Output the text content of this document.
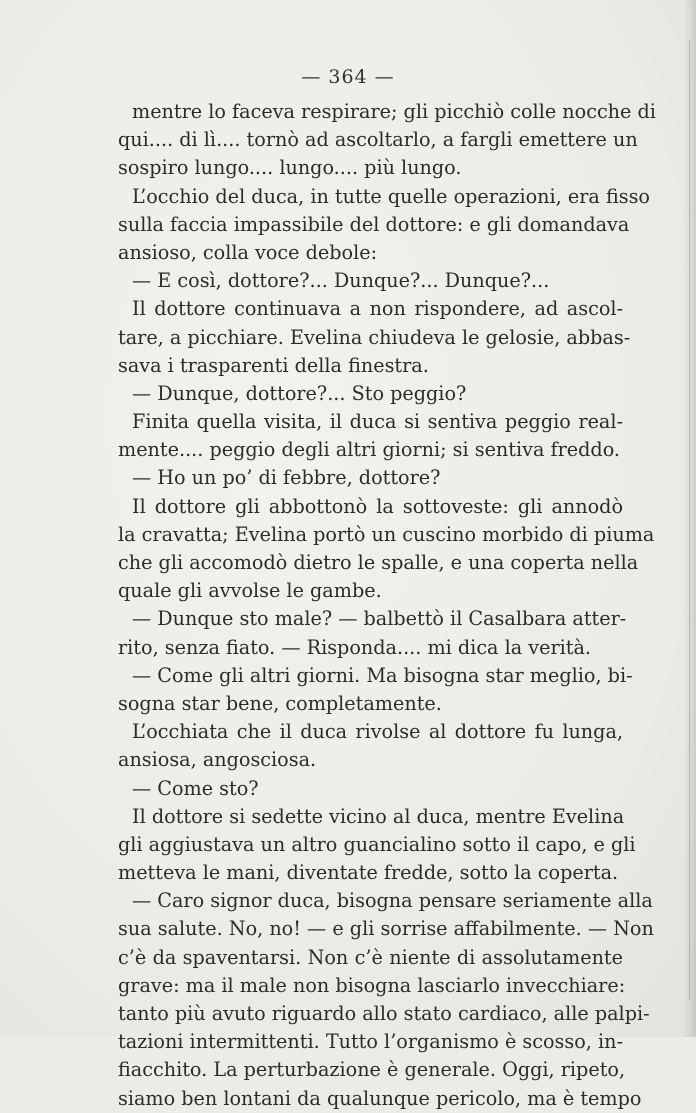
— 364 —
mentre lo faceva respirare; gli picchiò colle nocche di
qui.... di lì.... tornò ad ascoltarlo, a fargli emettere un
sospiro lungo.... lungo.... più lungo.
L’occhio del duca, in tutte quelle operazioni, era fisso
sulla faccia impassibile del dottore: e gli domandava
ansioso, colla voce debole:
— E così, dottore?... Dunque?... Dunque?...
Il dottore continuava a non rispondere, ad ascol-
tare, a picchiare. Evelina chiudeva le gelosie, abbas-
sava i trasparenti della finestra.
— Dunque, dottore?... Sto peggio?
Finita quella visita, il duca si sentiva peggio real-
mente.... peggio degli altri giorni; si sentiva freddo.
— Ho un po’ di febbre, dottore?
Il dottore gli abbottonò la sottoveste: gli annodò
la cravatta; Evelina portò un cuscino morbido di piuma
che gli accomodò dietro le spalle, e una coperta nella
quale gli avvolse le gambe.
— Dunque sto male? — balbettò il Casalbara atter-
rito, senza fiato. — Risponda.... mi dica la verità.
— Come gli altri giorni. Ma bisogna star meglio, bi-
sogna star bene, completamente.
L’occhiata che il duca rivolse al dottore fu lunga,
ansiosa, angosciosa.
— Come sto?
Il dottore si sedette vicino al duca, mentre Evelina
gli aggiustava un altro guancialino sotto il capo, e gli
metteva le mani, diventate fredde, sotto la coperta.
— Caro signor duca, bisogna pensare seriamente alla
sua salute. No, no! — e gli sorrise affabilmente. — Non
c’è da spaventarsi. Non c’è niente di assolutamente
grave: ma il male non bisogna lasciarlo invecchiare:
tanto più avuto riguardo allo stato cardiaco, alle palpi-
tazioni intermittenti. Tutto l’organismo è scosso, in-
fiacchito. La perturbazione è generale. Oggi, ripeto,
siamo ben lontani da qualunque pericolo, ma è tempo
